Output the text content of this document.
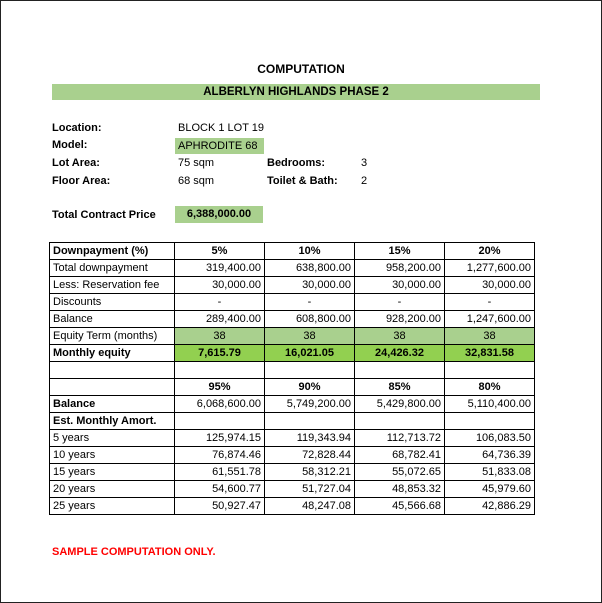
COMPUTATION
ALBERLYN HIGHLANDS PHASE 2
Location:	BLOCK 1 LOT 19
Model:	APHRODITE 68
Lot Area:	75 sqm	Bedrooms:	3
Floor Area:	68 sqm	Toilet & Bath: 2
Total Contract Price	6,388,000.00
Downpayment (%)	5%	10%	15%	20%
Total downpayment	319,400.00	638,800.00	958,200.00	1,277,600.00
Less: Reservation fee	30,000.00	30,000.00	30,000.00	30,000.00
Discounts	-	-	-	-
Balance	289,400.00	608,800.00	928,200.00	1,247,600.00
Equity Term (months)	38	38	38	38
Monthly equity	7,615.79	16,021.05	24,426.32	32,831.58

	95%	90%	85%	80%
Balance	6,068,600.00	5,749,200.00	5,429,800.00	5,110,400.00
Est. Monthly Amort.				
5 years	125,974.15	119,343.94	112,713.72	106,083.50
10 years	76,874.46	72,828.44	68,782.41	64,736.39
15 years	61,551.78	58,312.21	55,072.65	51,833.08
20 years	54,600.77	51,727.04	48,853.32	45,979.60
25 years	50,927.47	48,247.08	45,566.68	42,886.29
SAMPLE COMPUTATION ONLY.
